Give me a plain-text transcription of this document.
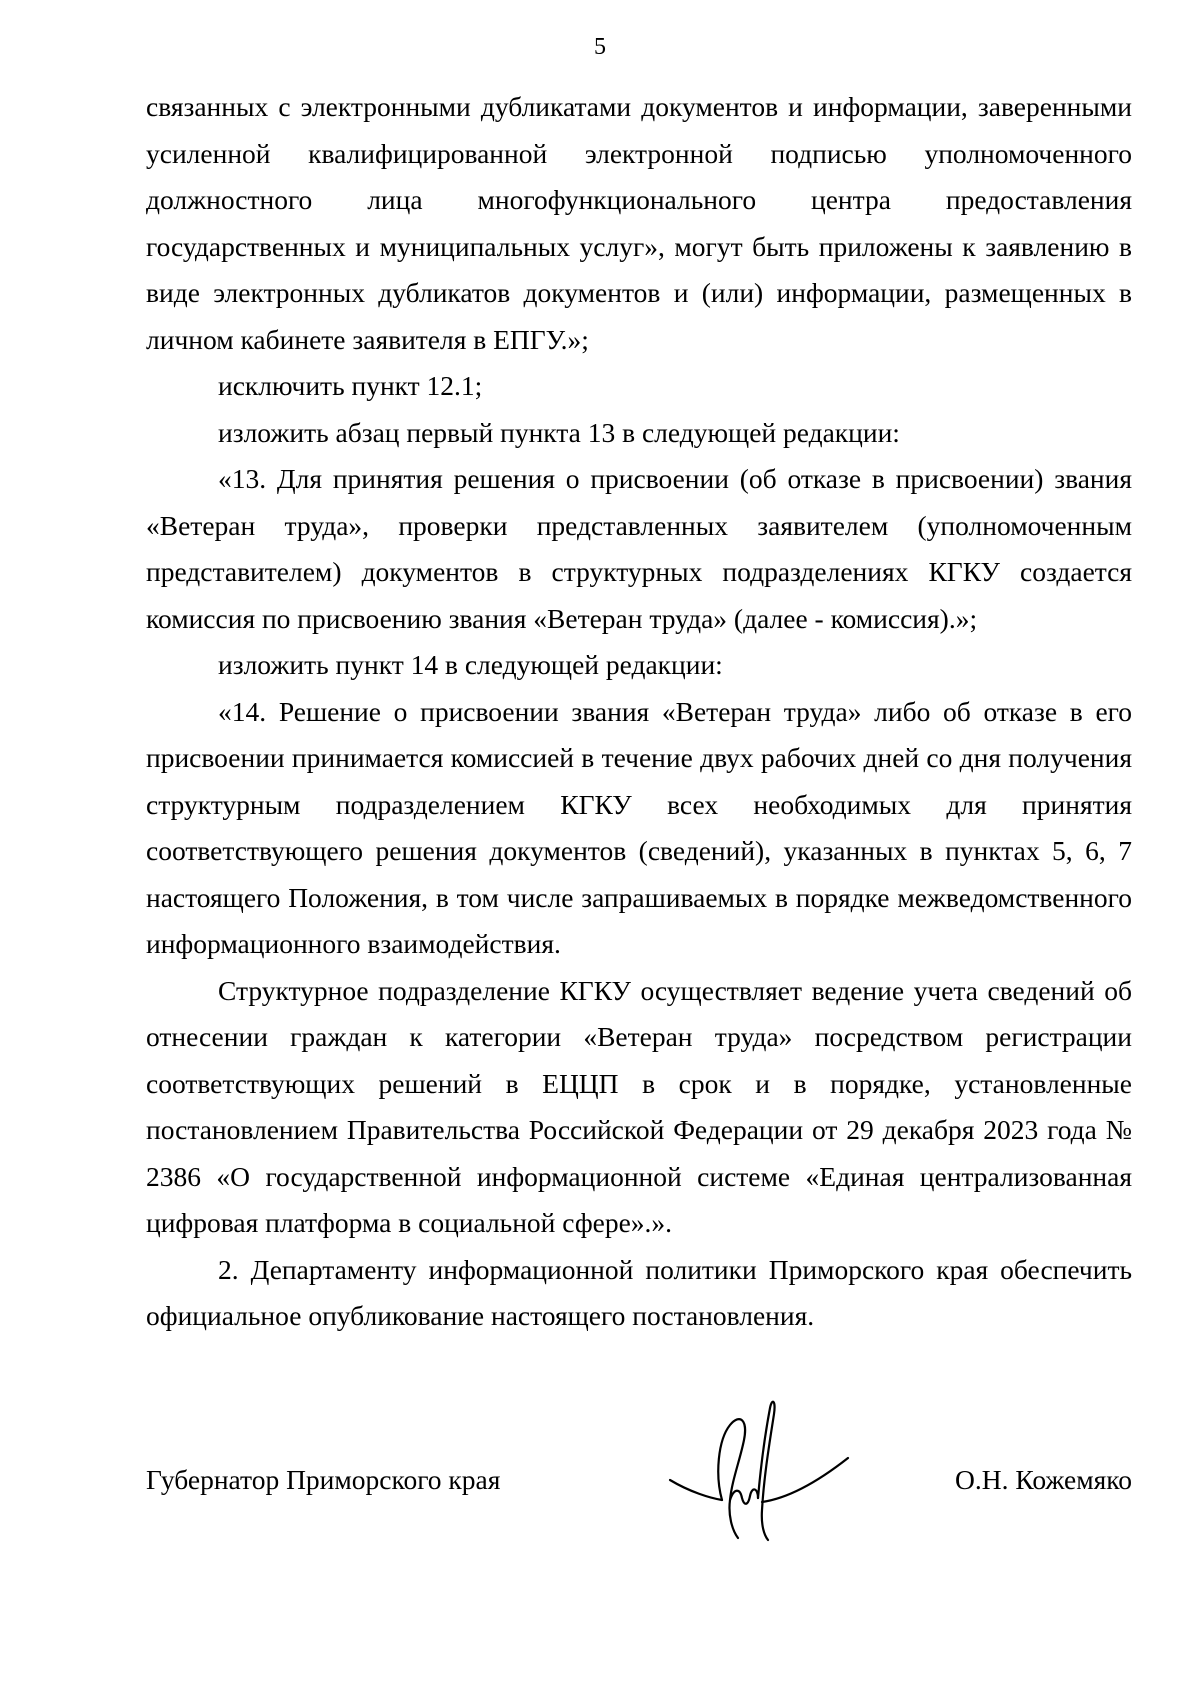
5

связанных с электронными дубликатами документов и информации, заверенными усиленной квалифицированной электронной подписью уполномоченного должностного лица многофункционального центра предоставления государственных и муниципальных услуг», могут быть приложены к заявлению в виде электронных дубликатов документов и (или) информации, размещенных в личном кабинете заявителя в ЕПГУ.»;

исключить пункт 12.1;

изложить абзац первый пункта 13 в следующей редакции:

«13. Для принятия решения о присвоении (об отказе в присвоении) звания «Ветеран труда», проверки представленных заявителем (уполномоченным представителем) документов в структурных подразделениях КГКУ создается комиссия по присвоению звания «Ветеран труда» (далее - комиссия).»;

изложить пункт 14 в следующей редакции:

«14. Решение о присвоении звания «Ветеран труда» либо об отказе в его присвоении принимается комиссией в течение двух рабочих дней со дня получения структурным подразделением КГКУ всех необходимых для принятия соответствующего решения документов (сведений), указанных в пунктах 5, 6, 7 настоящего Положения, в том числе запрашиваемых в порядке межведомственного информационного взаимодействия.

Структурное подразделение КГКУ осуществляет ведение учета сведений об отнесении граждан к категории «Ветеран труда» посредством регистрации соответствующих решений в ЕЦЦП в срок и в порядке, установленные постановлением Правительства Российской Федерации от 29 декабря 2023 года № 2386 «О государственной информационной системе «Единая централизованная цифровая платформа в социальной сфере».».

2. Департаменту информационной политики Приморского края обеспечить официальное опубликование настоящего постановления.

Губернатор Приморского края	О.Н. Кожемяко
